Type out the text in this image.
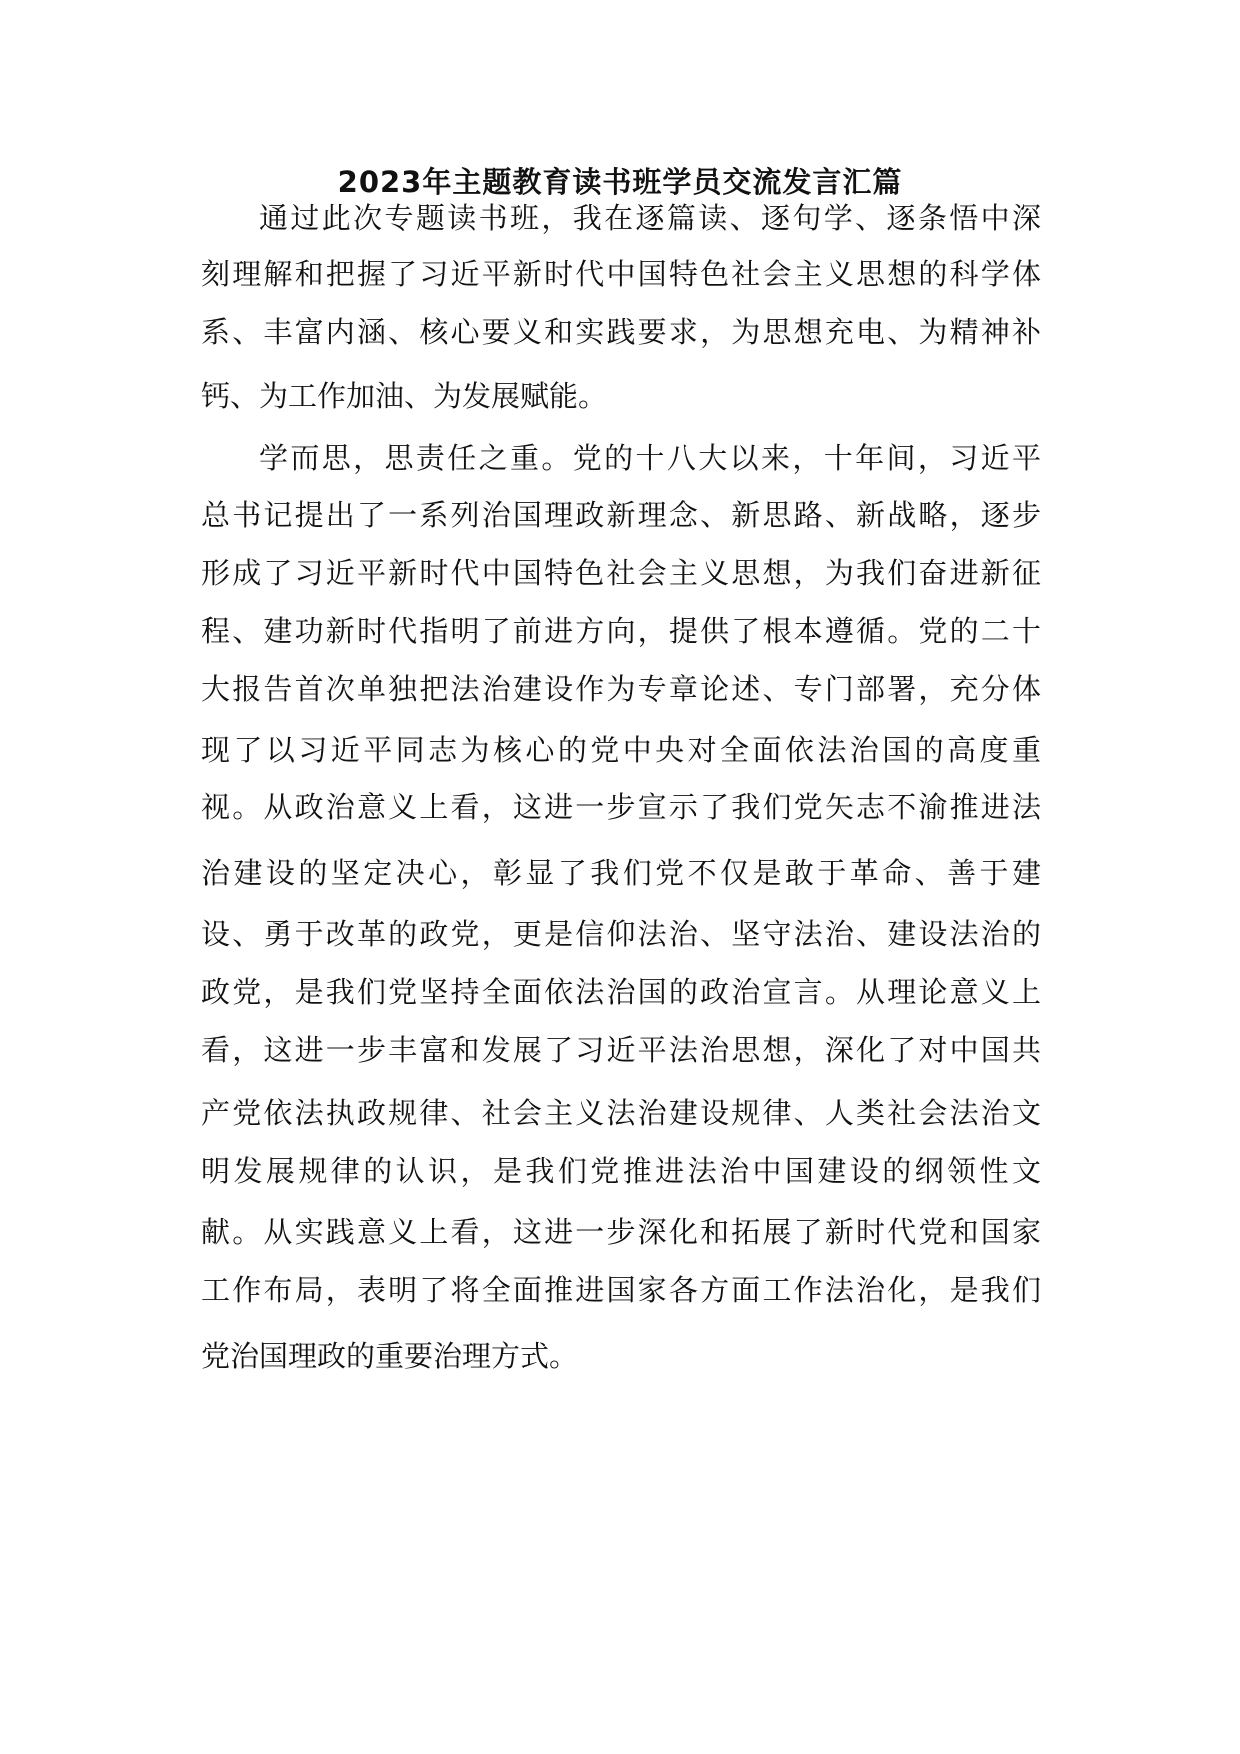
2023年主题教育读书班学员交流发言汇篇

通过此次专题读书班，我在逐篇读、逐句学、逐条悟中深

刻理解和把握了习近平新时代中国特色社会主义思想的科学体

系、丰富内涵、核心要义和实践要求，为思想充电、为精神补

钙、为工作加油、为发展赋能。

学而思，思责任之重。党的十八大以来，十年间，习近平

总书记提出了一系列治国理政新理念、新思路、新战略，逐步

形成了习近平新时代中国特色社会主义思想，为我们奋进新征

程、建功新时代指明了前进方向，提供了根本遵循。党的二十

大报告首次单独把法治建设作为专章论述、专门部署，充分体

现了以习近平同志为核心的党中央对全面依法治国的高度重

视。从政治意义上看，这进一步宣示了我们党矢志不渝推进法

治建设的坚定决心，彰显了我们党不仅是敢于革命、善于建

设、勇于改革的政党，更是信仰法治、坚守法治、建设法治的

政党，是我们党坚持全面依法治国的政治宣言。从理论意义上

看，这进一步丰富和发展了习近平法治思想，深化了对中国共

产党依法执政规律、社会主义法治建设规律、人类社会法治文

明发展规律的认识，是我们党推进法治中国建设的纲领性文

献。从实践意义上看，这进一步深化和拓展了新时代党和国家

工作布局，表明了将全面推进国家各方面工作法治化，是我们

党治国理政的重要治理方式。
